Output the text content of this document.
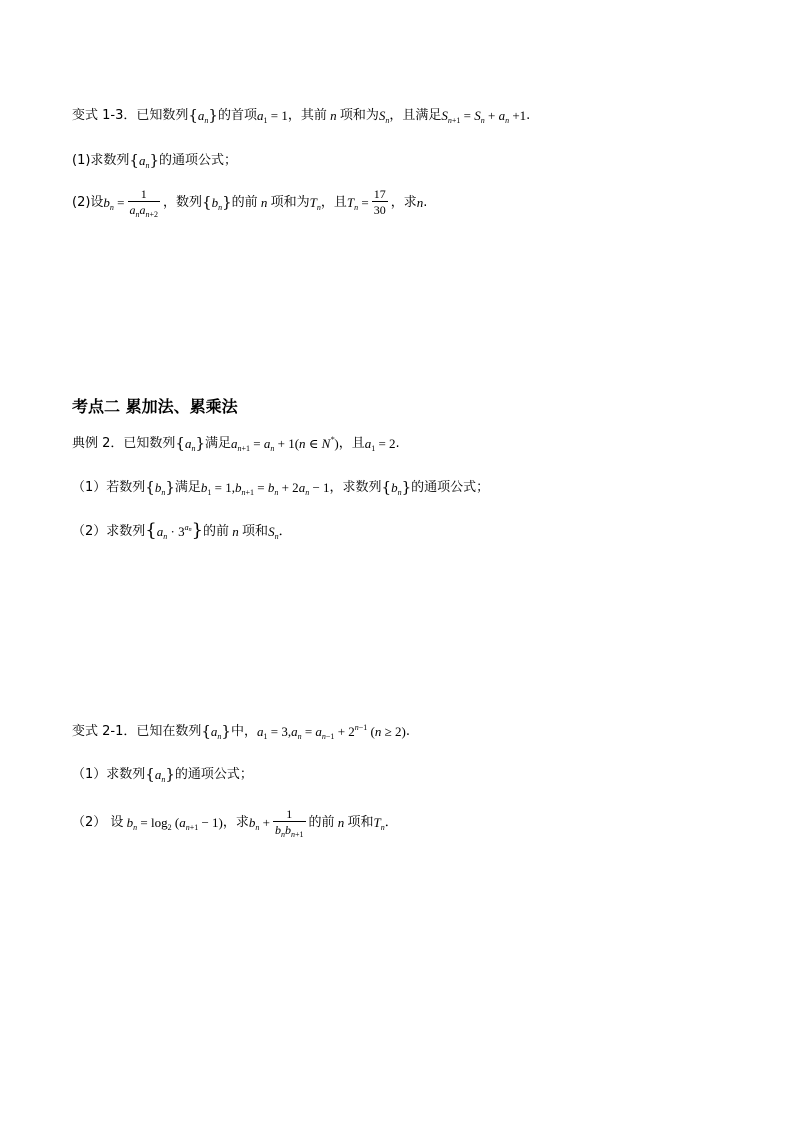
变式 1-3．已知数列 $\{a_n\}$ 的首项 $a_1 = 1$ ，其前 n 项和为 $S_n$ ，且满足 $S_{n+1} = S_n + a_n +1$ .
(1)求数列 $\{a_n\}$ 的通项公式；
(2)设 $b_n = \frac{1}{a_na_{n+2}}$ ，数列 $\{b_n\}$ 的前 n 项和为 $T_n$ ，且 $T_n = \frac{17}{30}$ ，求 n .
考点二 累加法、累乘法
典例 2．已知数列 $\{a_n\}$ 满足 $a_{n+1} = a_n + 1(n$ ∈ N*) ，且 $a_1 = 2$ .
（1）若数列 $\{b_n\}$ 满足 $b_1 = 1,b_{n+1} = b_n + 2a_n - 1$ ，求数列 $\{b_n\}$ 的通项公式；
（2）求数列 $\{a_n \cdot 3^{a_n}\}$ 的前 n 项和 $S_n$ ．
变式 2-1．已知在数列 $\{a_n\}$ 中， $a_1 = 3,a_n = a_{n-1} + 2^{n-1}$ (n ≥ 2) .
（1）求数列 $\{a_n\}$ 的通项公式；
（2） 设 $b_n = \log_2 (a_{n+1} - 1)$ ，求 $b_n + \frac{1}{b_nb_{n+1}}$ 的前 n 项和 $T_n$ ．
